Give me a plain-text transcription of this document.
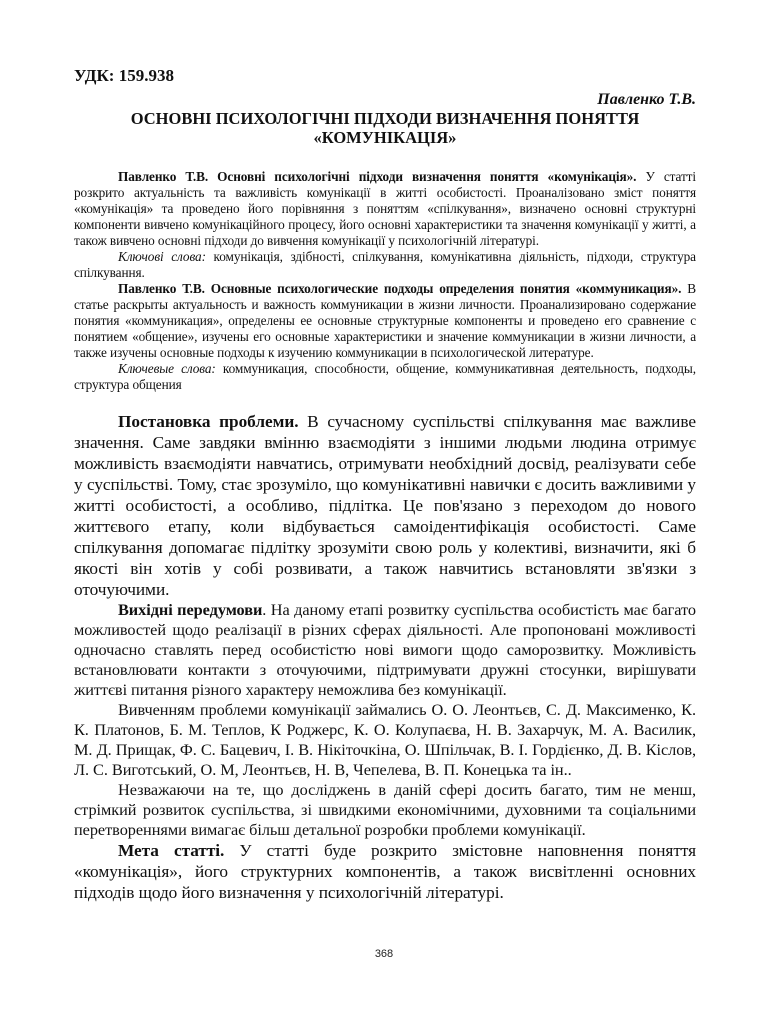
УДК: 159.938

Павленко Т.В.

ОСНОВНІ ПСИХОЛОГІЧНІ ПІДХОДИ ВИЗНАЧЕННЯ ПОНЯТТЯ «КОМУНІКАЦІЯ»

Павленко Т.В. Основні психологічні підходи визначення поняття «комунікація». У статті розкрито актуальність та важливість комунікації в житті особистості. Проаналізовано зміст поняття «комунікація» та проведено його порівняння з поняттям «спілкування», визначено основні структурні компоненти вивчено комунікаційного процесу, його основні характеристики та значення комунікації у житті, а також вивчено основні підходи до вивчення комунікації у психологічній літературі.

Ключові слова: комунікація, здібності, спілкування, комунікативна діяльність, підходи, структура спілкування.

Павленко Т.В. Основные психологические подходы определения понятия «коммуникация». В статье раскрыты актуальность и важность коммуникации в жизни личности. Проанализировано содержание понятия «коммуникация», определены ее основные структурные компоненты и проведено его сравнение с понятием «общение», изучены его основные характеристики и значение коммуникации в жизни личности, а также изучены основные подходы к изучению коммуникации в психологической литературе.

Ключевые слова: коммуникация, способности, общение, коммуникативная деятельность, подходы, структура общения

Постановка проблеми. В сучасному суспільстві спілкування має важливе значення. Саме завдяки вмінню взаємодіяти з іншими людьми людина отримує можливість взаємодіяти навчатись, отримувати необхідний досвід, реалізувати себе у суспільстві. Тому, стає зрозуміло, що комунікативні навички є досить важливими у житті особистості, а особливо, підлітка. Це пов'язано з переходом до нового життєвого етапу, коли відбувається самоідентифікація особистості. Саме спілкування допомагає підлітку зрозуміти свою роль у колективі, визначити, які б якості він хотів у собі розвивати, а також навчитись встановляти зв'язки з оточуючими.

Вихідні передумови. На даному етапі розвитку суспільства особистість має багато можливостей щодо реалізації в різних сферах діяльності. Але пропоновані можливості одночасно ставлять перед особистістю нові вимоги щодо саморозвитку. Можливість встановлювати контакти з оточуючими, підтримувати дружні стосунки, вирішувати життєві питання різного характеру неможлива без комунікації.

Вивченням проблеми комунікації займались О. О. Леонтьєв, С. Д. Максименко, К. К. Платонов, Б. М. Теплов, К Роджерс, К. О. Колупаєва, Н. В. Захарчук, М. А. Василик, М. Д. Прищак, Ф. С. Бацевич, І. В. Нікіточкіна, О. Шпільчак, В. І. Гордієнко, Д. В. Кіслов, Л. С. Виготський, О. М, Леонтьєв, Н. В, Чепелева, В. П. Конецька та ін..

Незважаючи на те, що досліджень в даній сфері досить багато, тим не менш, стрімкий розвиток суспільства, зі швидкими економічними, духовними та соціальними перетвореннями вимагає більш детальної розробки проблеми комунікації.

Мета статті. У статті буде розкрито змістовне наповнення поняття «комунікація», його структурних компонентів, а також висвітленні основних підходів щодо його визначення у психологічній літературі.

368
